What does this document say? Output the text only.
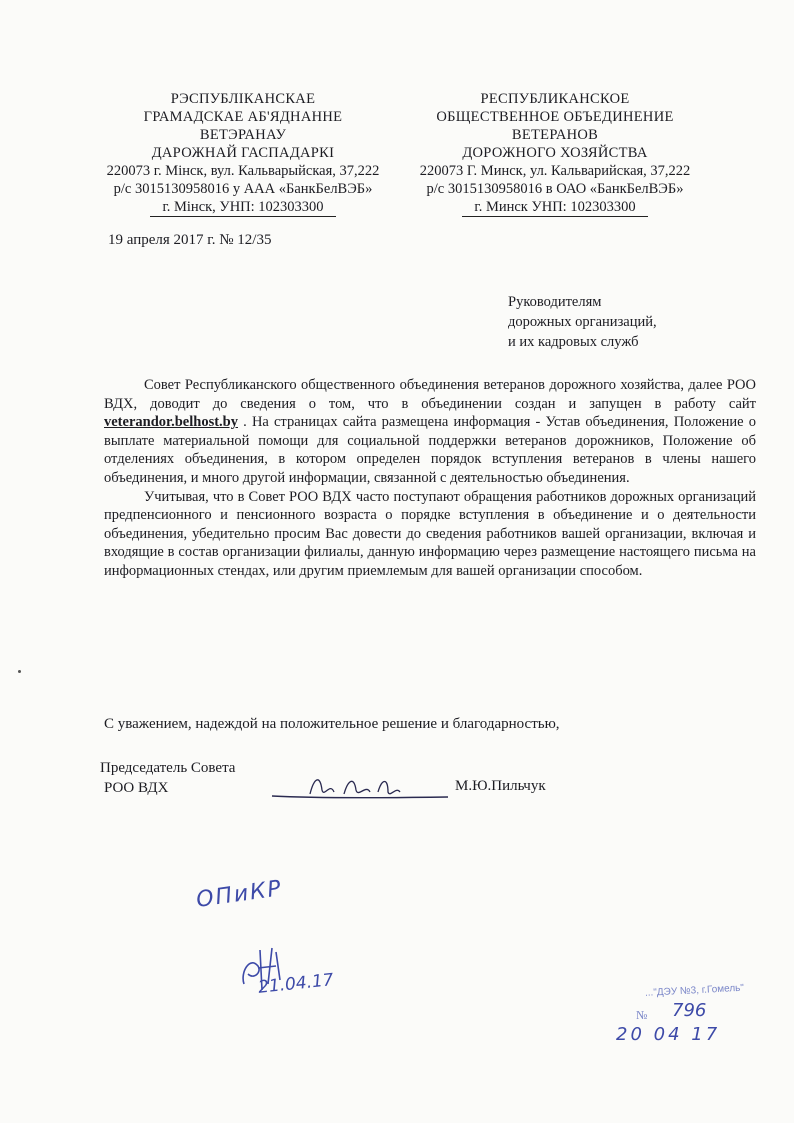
РЭСПУБЛІКАНСКАЕ
ГРАМАДСКАЕ АБ'ЯДНАННЕ
ВЕТЭРАНАУ
ДАРОЖНАЙ ГАСПАДАРКІ
220073 г. Мінск, вул. Кальварыйская, 37,222
р/с 3015130958016 у ААА «БанкБелВЭБ»
г. Мінск, УНП: 102303300
РЕСПУБЛИКАНСКОЕ
ОБЩЕСТВЕННОЕ ОБЪЕДИНЕНИЕ
ВЕТЕРАНОВ
ДОРОЖНОГО ХОЗЯЙСТВА
220073 Г. Минск, ул. Кальварийская, 37,222
р/с 3015130958016 в ОАО «БанкБелВЭБ»
г. Минск УНП: 102303300
19 апреля 2017 г. № 12/35
Руководителям
дорожных организаций,
и их кадровых служб

Совет Республиканского общественного объединения ветеранов дорожного хозяйства, далее РОО ВДХ, доводит до сведения о том, что в объединении создан и запущен в работу сайт veterandor.belhost.by . На страницах сайта размещена информация - Устав объединения, Положение о выплате материальной помощи для социальной поддержки ветеранов дорожников, Положение об отделениях объединения, в котором определен порядок вступления ветеранов в члены нашего объединения, и много другой информации, связанной с деятельностью объединения.

Учитывая, что в Совет РОО ВДХ часто поступают обращения работников дорожных организаций предпенсионного и пенсионного возраста о порядке вступления в объединение и о деятельности объединения, убедительно просим Вас довести до сведения работников вашей организации, включая и входящие в состав организации филиалы, данную информацию через размещение настоящего письма на информационных стендах, или другим приемлемым для вашей организации способом.

С уважением, надеждой на положительное решение и благодарностью,
Председатель Совета
РОО ВДХ	М.Ю.Пильчук
ОПиКР
21.04.17	..."ДЭУ №3, г.Гомель"
№ 796
20 04 17
